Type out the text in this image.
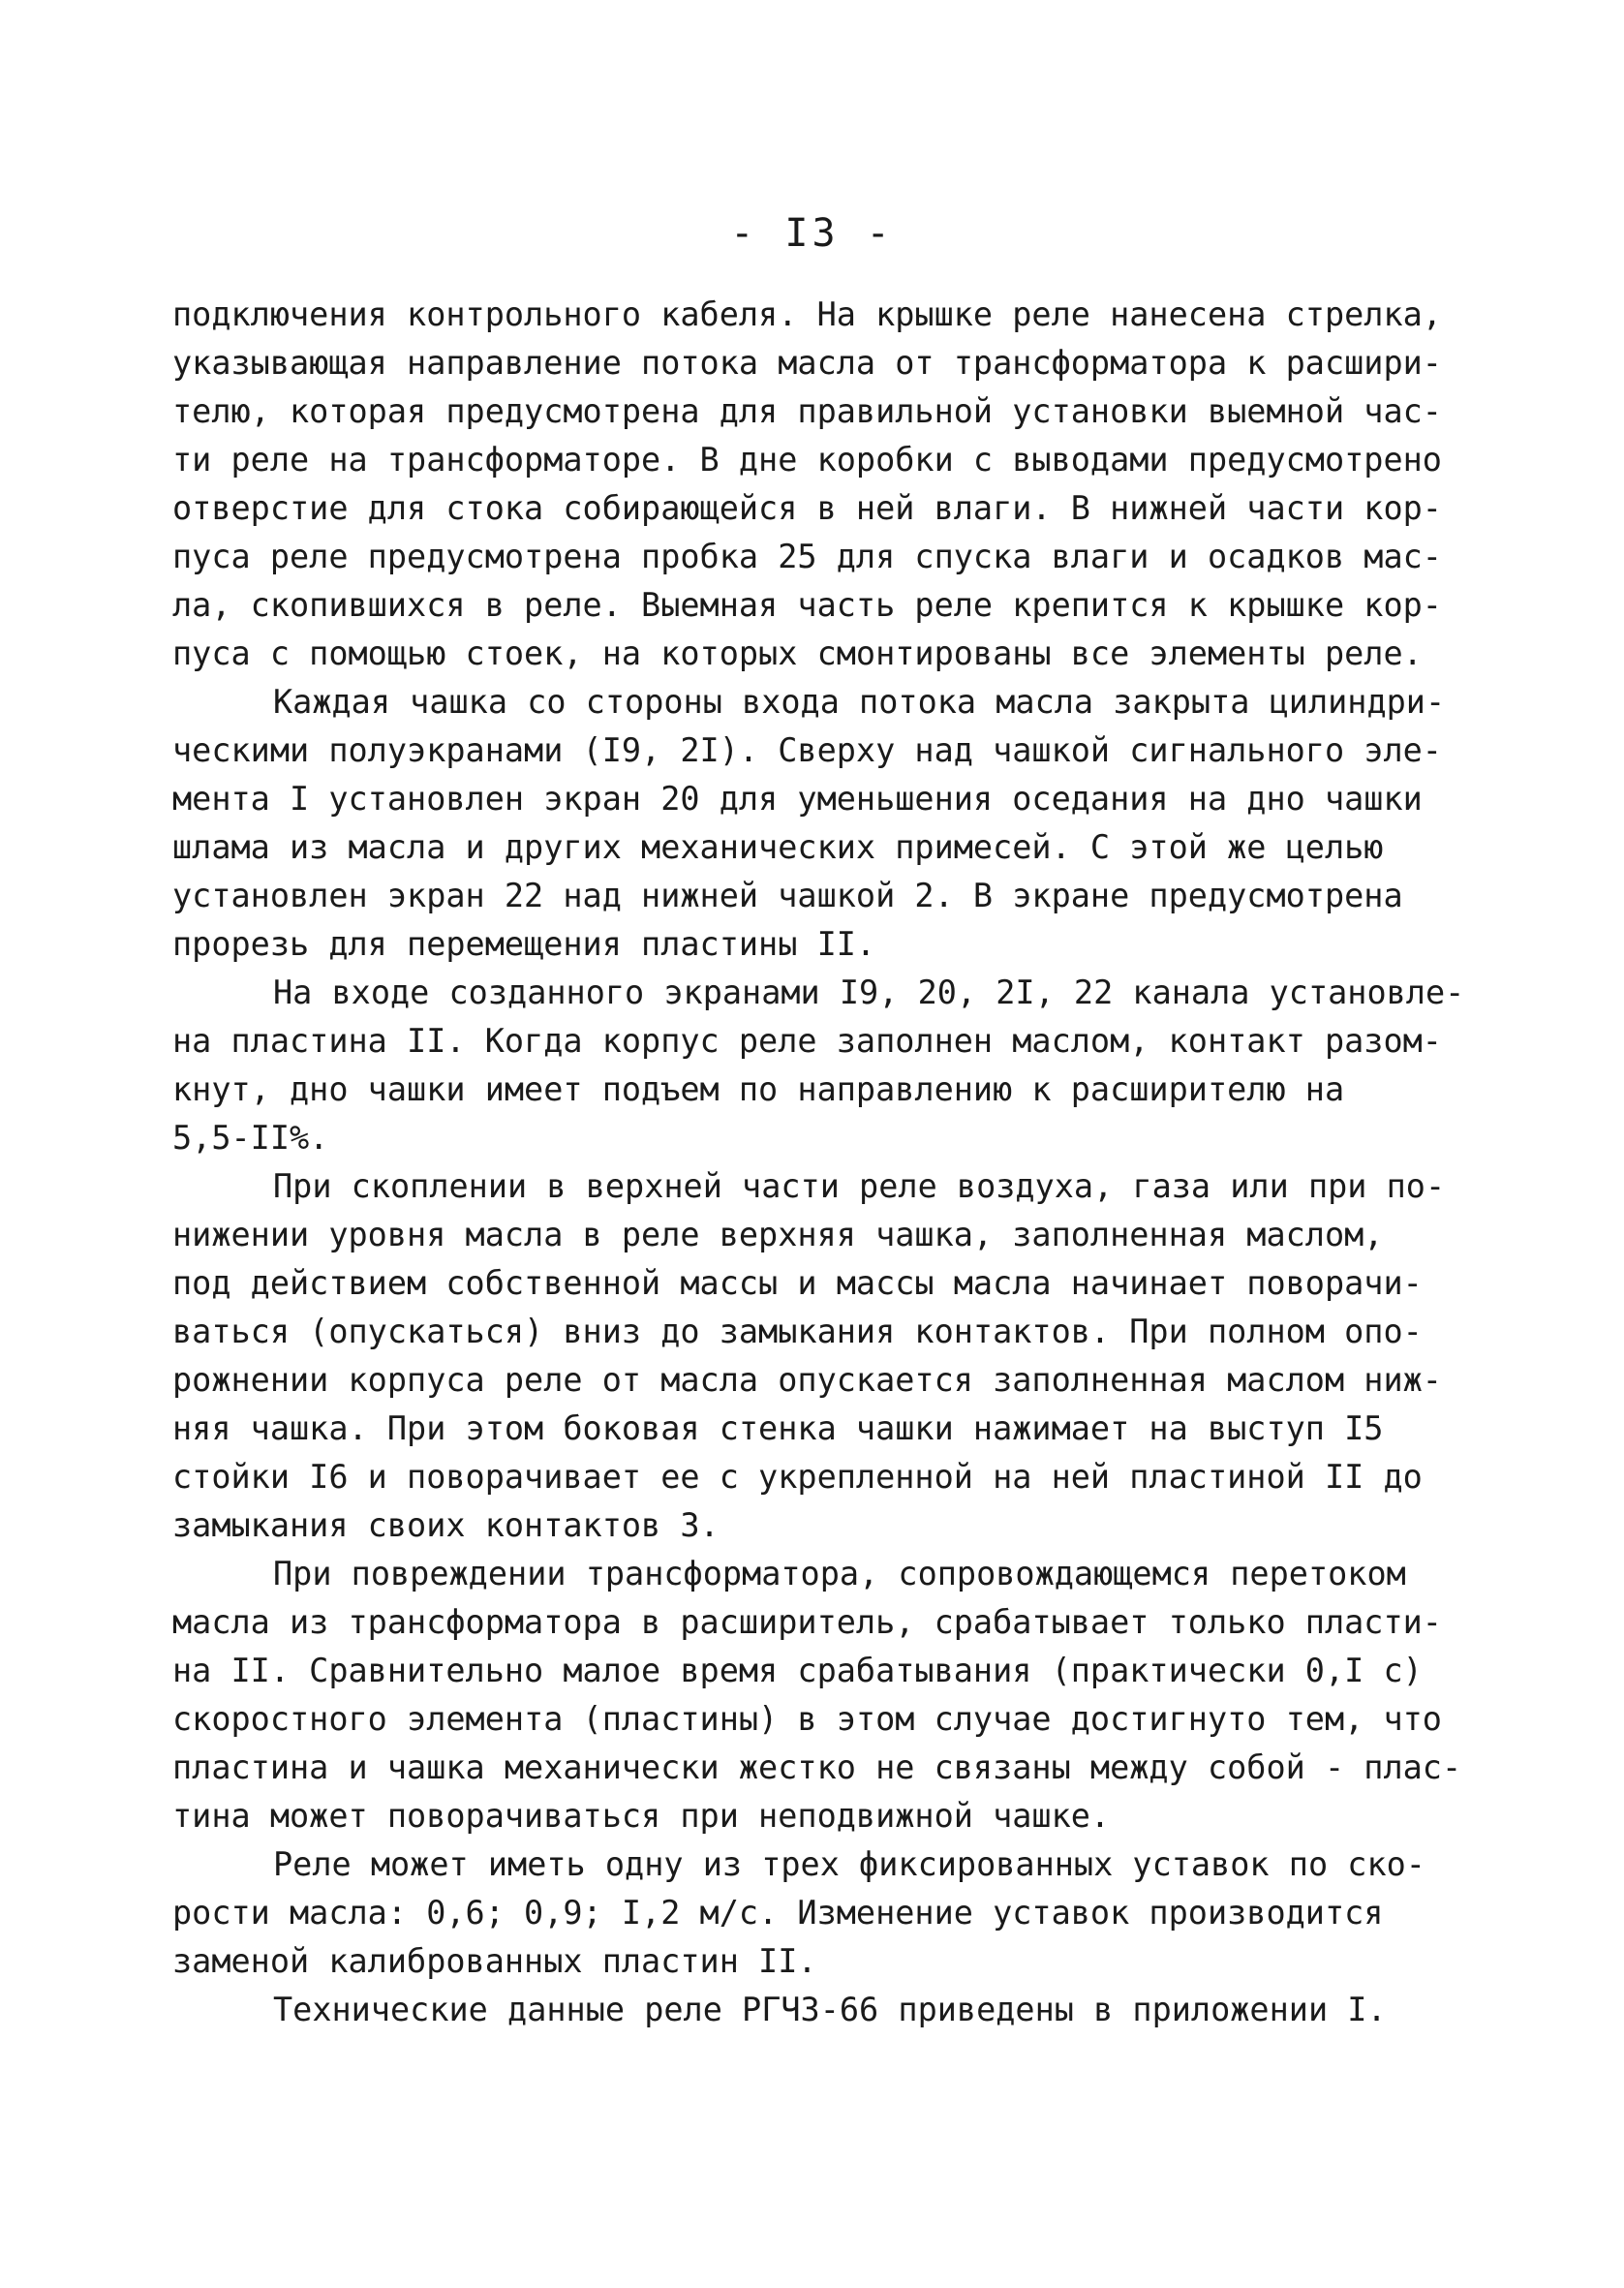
- I3 -
подключения контрольного кабеля. На крышке реле нанесена стрелка,
указывающая направление потока масла от трансформатора к расшири-
телю, которая предусмотрена для правильной установки выемной час-
ти реле на трансформаторе. В дне коробки с выводами предусмотрено
отверстие для стока собирающейся в ней влаги. В нижней части кор-
пуса реле предусмотрена пробка 25 для спуска влаги и осадков мас-
ла, скопившихся в реле. Выемная часть реле крепится к крышке кор-
пуса с помощью стоек, на которых смонтированы все элементы реле.
Каждая чашка со стороны входа потока масла закрыта цилиндри-
ческими полуэкранами (I9, 2I). Сверху над чашкой сигнального эле-
мента I установлен экран 20 для уменьшения оседания на дно чашки
шлама из масла и других механических примесей. С этой же целью
установлен экран 22 над нижней чашкой 2. В экране предусмотрена
прорезь для перемещения пластины II.
На входе созданного экранами I9, 20, 2I, 22 канала установле-
на пластина II. Когда корпус реле заполнен маслом, контакт разом-
кнут, дно чашки имеет подъем по направлению к расширителю на
5,5-II%.
При скоплении в верхней части реле воздуха, газа или при по-
нижении уровня масла в реле верхняя чашка, заполненная маслом,
под действием собственной массы и массы масла начинает поворачи-
ваться (опускаться) вниз до замыкания контактов. При полном опо-
рожнении корпуса реле от масла опускается заполненная маслом ниж-
няя чашка. При этом боковая стенка чашки нажимает на выступ I5
стойки I6 и поворачивает ее с укрепленной на ней пластиной II до
замыкания своих контактов 3.
При повреждении трансформатора, сопровождающемся перетоком
масла из трансформатора в расширитель, срабатывает только пласти-
на II. Сравнительно малое время срабатывания (практически 0,I с)
скоростного элемента (пластины) в этом случае достигнуто тем, что
пластина и чашка механически жестко не связаны между собой - плас-
тина может поворачиваться при неподвижной чашке.
Реле может иметь одну из трех фиксированных уставок по ско-
рости масла: 0,6; 0,9; I,2 м/с. Изменение уставок производится
заменой калиброванных пластин II.
Технические данные реле РГЧЗ-66 приведены в приложении I.
